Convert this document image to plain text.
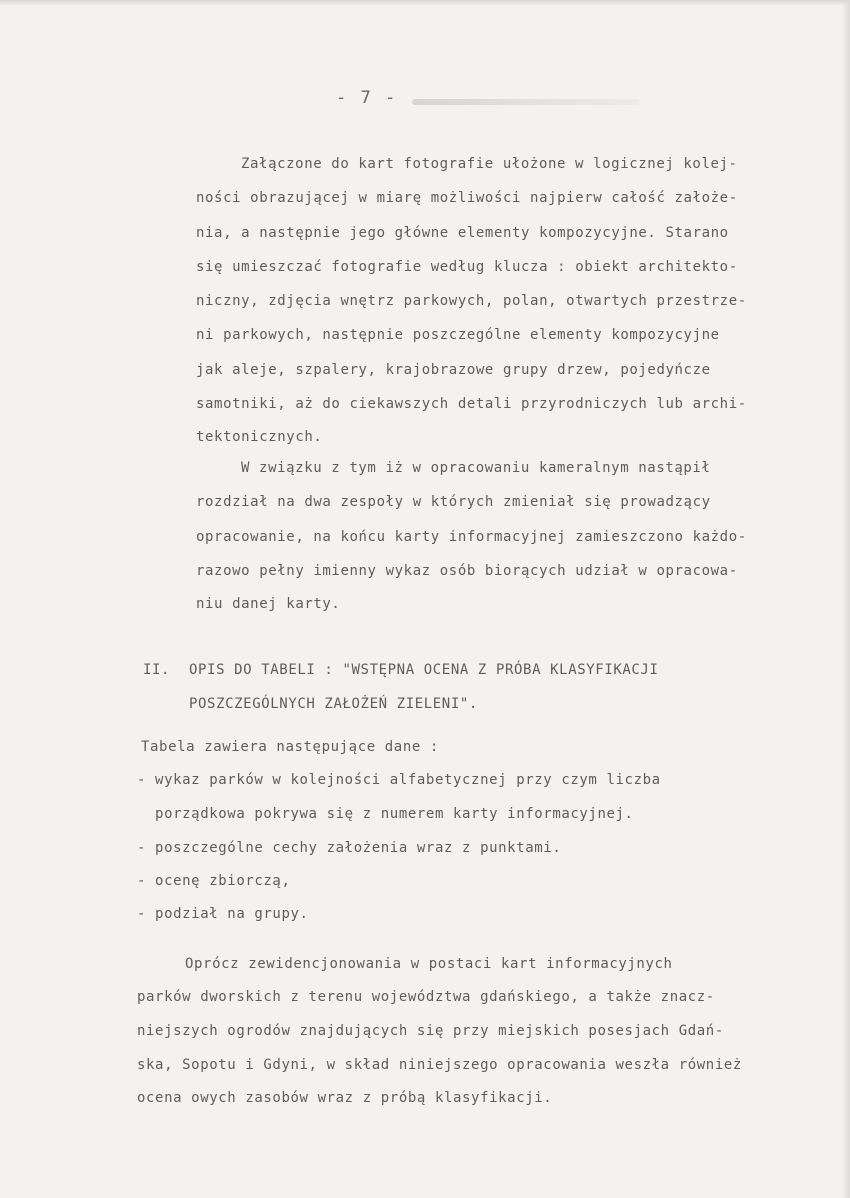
- 7 -
Załączone do kart fotografie ułożone w logicznej kolej-
ności obrazującej w miarę możliwości najpierw całość założe-
nia, a następnie jego główne elementy kompozycyjne. Starano
się umieszczać fotografie według klucza : obiekt architekto-
niczny, zdjęcia wnętrz parkowych, polan, otwartych przestrze-
ni parkowych, następnie poszczególne elementy kompozycyjne
jak aleje, szpalery, krajobrazowe grupy drzew, pojedyńcze
samotniki, aż do ciekawszych detali przyrodniczych lub archi-
tektonicznych.
W związku z tym iż w opracowaniu kameralnym nastąpił
rozdział na dwa zespoły w których zmieniał się prowadzący
opracowanie, na końcu karty informacyjnej zamieszczono każdo-
razowo pełny imienny wykaz osób biorących udział w opracowa-
niu danej karty.
II. OPIS DO TABELI : "WSTĘPNA OCENA Z PRÓBA KLASYFIKACJI
POSZCZEGÓLNYCH ZAŁOŻEŃ ZIELENI".
Tabela zawiera następujące dane :
- wykaz parków w kolejności alfabetycznej przy czym liczba
porządkowa pokrywa się z numerem karty informacyjnej.
- poszczególne cechy założenia wraz z punktami.
- ocenę zbiorczą,
- podział na grupy.
Oprócz zewidencjonowania w postaci kart informacyjnych
parków dworskich z terenu województwa gdańskiego, a także znacz-
niejszych ogrodów znajdujących się przy miejskich posesjach Gdań-
ska, Sopotu i Gdyni, w skład niniejszego opracowania weszła również
ocena owych zasobów wraz z próbą klasyfikacji.
